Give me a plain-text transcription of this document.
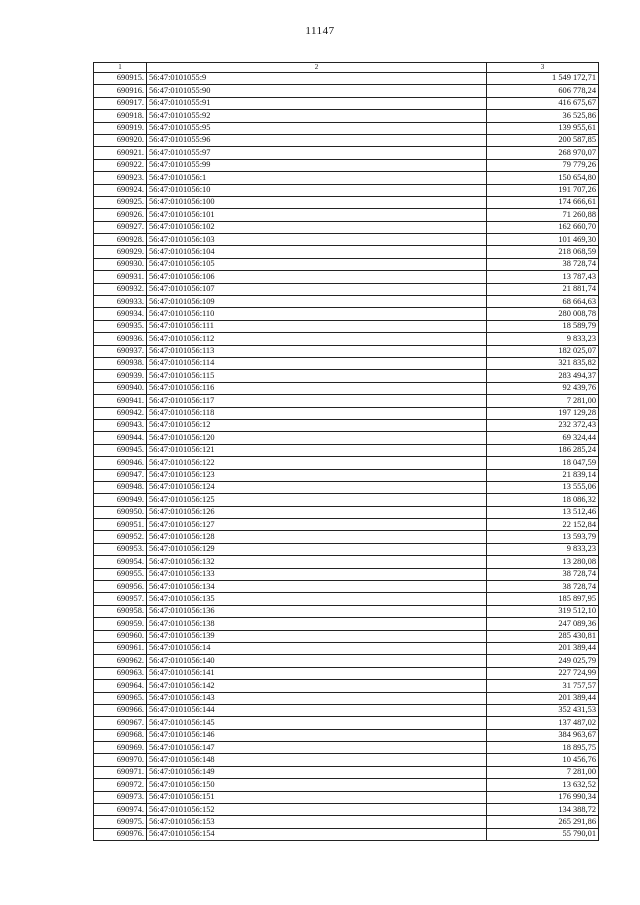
11147
1	2	3
690915.	56:47:0101055:9	1 549 172,71
690916.	56:47:0101055:90	606 778,24
690917.	56:47:0101055:91	416 675,67
690918.	56:47:0101055:92	36 525,86
690919.	56:47:0101055:95	139 955,61
690920.	56:47:0101055:96	200 587,85
690921.	56:47:0101055:97	268 970,07
690922.	56:47:0101055:99	79 779,26
690923.	56:47:0101056:1	150 654,80
690924.	56:47:0101056:10	191 707,26
690925.	56:47:0101056:100	174 666,61
690926.	56:47:0101056:101	71 260,88
690927.	56:47:0101056:102	162 660,70
690928.	56:47:0101056:103	101 469,30
690929.	56:47:0101056:104	218 068,59
690930.	56:47:0101056:105	38 728,74
690931.	56:47:0101056:106	13 787,43
690932.	56:47:0101056:107	21 881,74
690933.	56:47:0101056:109	68 664,63
690934.	56:47:0101056:110	280 008,78
690935.	56:47:0101056:111	18 589,79
690936.	56:47:0101056:112	9 833,23
690937.	56:47:0101056:113	182 025,07
690938.	56:47:0101056:114	321 835,82
690939.	56:47:0101056:115	283 494,37
690940.	56:47:0101056:116	92 439,76
690941.	56:47:0101056:117	7 281,00
690942.	56:47:0101056:118	197 129,28
690943.	56:47:0101056:12	232 372,43
690944.	56:47:0101056:120	69 324,44
690945.	56:47:0101056:121	186 285,24
690946.	56:47:0101056:122	18 047,59
690947.	56:47:0101056:123	21 839,14
690948.	56:47:0101056:124	13 555,06
690949.	56:47:0101056:125	18 086,32
690950.	56:47:0101056:126	13 512,46
690951.	56:47:0101056:127	22 152,84
690952.	56:47:0101056:128	13 593,79
690953.	56:47:0101056:129	9 833,23
690954.	56:47:0101056:132	13 280,08
690955.	56:47:0101056:133	38 728,74
690956.	56:47:0101056:134	38 728,74
690957.	56:47:0101056:135	185 897,95
690958.	56:47:0101056:136	319 512,10
690959.	56:47:0101056:138	247 089,36
690960.	56:47:0101056:139	285 430,81
690961.	56:47:0101056:14	201 389,44
690962.	56:47:0101056:140	249 025,79
690963.	56:47:0101056:141	227 724,99
690964.	56:47:0101056:142	31 757,57
690965.	56:47:0101056:143	201 389,44
690966.	56:47:0101056:144	352 431,53
690967.	56:47:0101056:145	137 487,02
690968.	56:47:0101056:146	384 963,67
690969.	56:47:0101056:147	18 895,75
690970.	56:47:0101056:148	10 456,76
690971.	56:47:0101056:149	7 281,00
690972.	56:47:0101056:150	13 632,52
690973.	56:47:0101056:151	176 990,34
690974.	56:47:0101056:152	134 388,72
690975.	56:47:0101056:153	265 291,86
690976.	56:47:0101056:154	55 790,01
